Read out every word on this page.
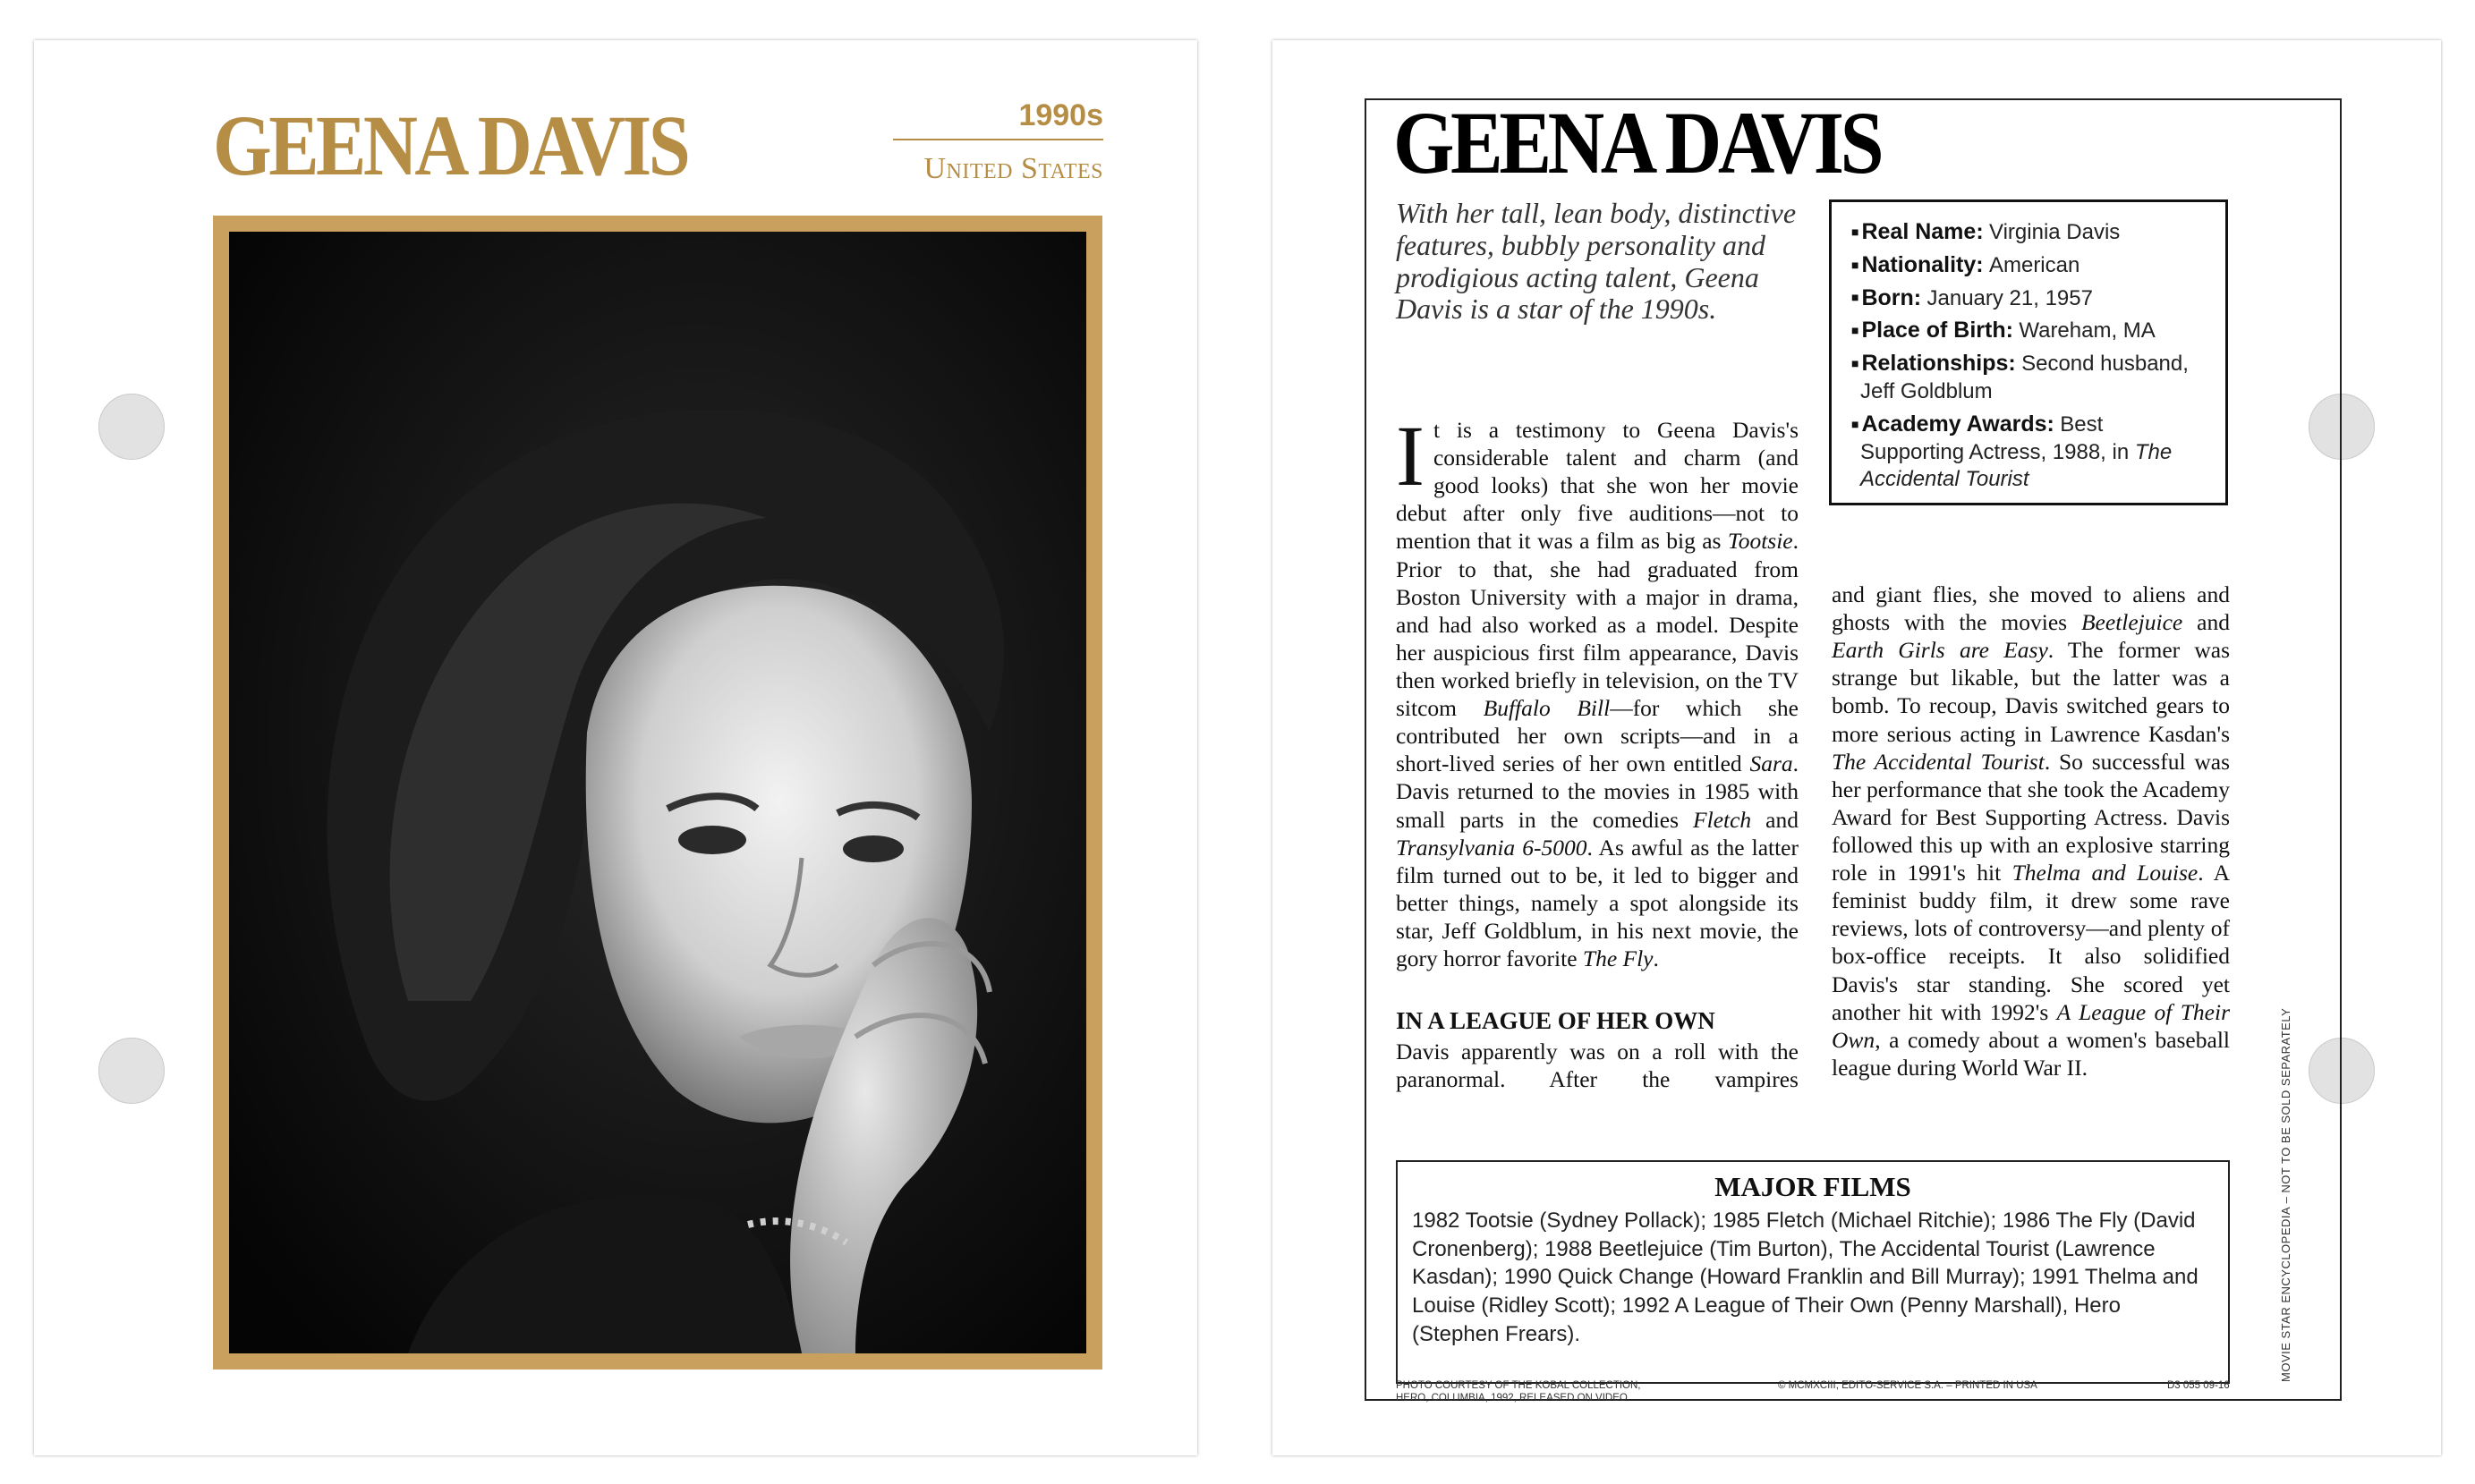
GEENA DAVIS	1990s
United States	GEENA DAVIS
With her tall, lean body, distinctive features, bubbly personality and prodigious acting talent, Geena Davis is a star of the 1990s.
■ Real Name: Virginia Davis
■ Nationality: American
■ Born: January 21, 1957
■ Place of Birth: Wareham, MA
■ Relationships: Second husband, Jeff Goldblum
■ Academy Awards: Best Supporting Actress, 1988, in The Accidental Tourist
It is a testimony to Geena Davis's considerable talent and charm (and good looks) that she won her movie debut after only five auditions—not to mention that it was a film as big as Tootsie. Prior to that, she had graduated from Boston University with a major in drama, and had also worked as a model. Despite her auspicious first film appearance, Davis then worked briefly in television, on the TV sitcom Buffalo Bill—for which she contributed her own scripts—and in a short-lived series of her own entitled Sara. Davis returned to the movies in 1985 with small parts in the comedies Fletch and Transylvania 6-5000. As awful as the latter film turned out to be, it led to bigger and better things, namely a spot alongside its star, Jeff Goldblum, in his next movie, the gory horror favorite The Fly.
IN A LEAGUE OF HER OWN
Davis apparently was on a roll with the paranormal. After the vampires
and giant flies, she moved to aliens and ghosts with the movies Beetlejuice and Earth Girls are Easy. The former was strange but likable, but the latter was a bomb. To recoup, Davis switched gears to more serious acting in Lawrence Kasdan's The Accidental Tourist. So successful was her performance that she took the Academy Award for Best Supporting Actress. Davis followed this up with an explosive starring role in 1991's hit Thelma and Louise. A feminist buddy film, it drew some rave reviews, lots of controversy—and plenty of box-office receipts. It also solidified Davis's star standing. She scored yet another hit with 1992's A League of Their Own, a comedy about a women's baseball league during World War II.
MAJOR FILMS
1982 Tootsie (Sydney Pollack); 1985 Fletch (Michael Ritchie); 1986 The Fly (David Cronenberg); 1988 Beetlejuice (Tim Burton), The Accidental Tourist (Lawrence Kasdan); 1990 Quick Change (Howard Franklin and Bill Murray); 1991 Thelma and Louise (Ridley Scott); 1992 A League of Their Own (Penny Marshall), Hero (Stephen Frears).
PHOTO COURTESY OF THE KOBAL COLLECTION, HERO, COLUMBIA, 1992, RELEASED ON VIDEO
© MCMXCIII, EDITO-SERVICE S.A. – PRINTED IN USA	D3 055 09-16
MOVIE STAR ENCYCLOPEDIA – NOT TO BE SOLD SEPARATELY
